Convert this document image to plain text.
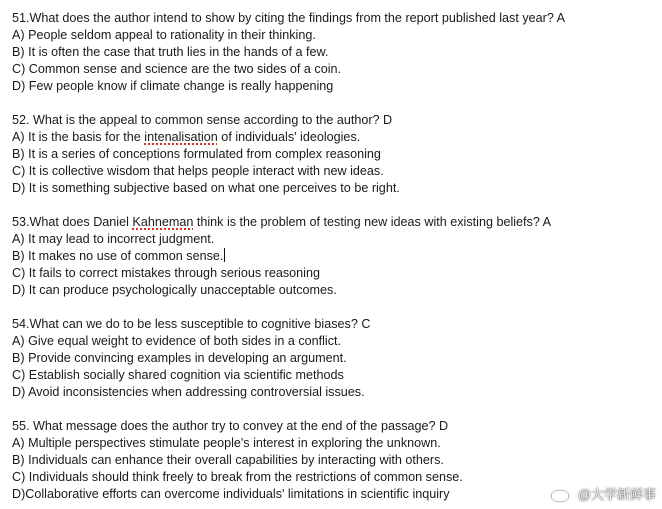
51.What does the author intend to show by citing the findings from the report published last year? A
A) People seldom appeal to rationality in their thinking.
B) It is often the case that truth lies in the hands of a few.
C) Common sense and science are the two sides of a coin.
D) Few people know if climate change is really happening
52. What is the appeal to common sense according to the author? D
A) It is the basis for the intenalisation of individuals' ideologies.
B) It is a series of conceptions formulated from complex reasoning
C) It is collective wisdom that helps people interact with new ideas.
D) It is something subjective based on what one perceives to be right.
53.What does Daniel Kahneman think is the problem of testing new ideas with existing beliefs? A
A) It may lead to incorrect judgment.
B) It makes no use of common sense.
C) It fails to correct mistakes through serious reasoning
D) It can produce psychologically unacceptable outcomes.
54.What can we do to be less susceptible to cognitive biases? C
A) Give equal weight to evidence of both sides in a conflict.
B) Provide convincing examples in developing an argument.
C) Establish socially shared cognition via scientific methods
D) Avoid inconsistencies when addressing controversial issues.
55. What message does the author try to convey at the end of the passage? D
A) Multiple perspectives stimulate people's interest in exploring the unknown.
B) Individuals can enhance their overall capabilities by interacting with others.
C) Individuals should think freely to break from the restrictions of common sense.
D)Collaborative efforts can overcome individuals' limitations in scientific inquiry	@大学新鲜事
